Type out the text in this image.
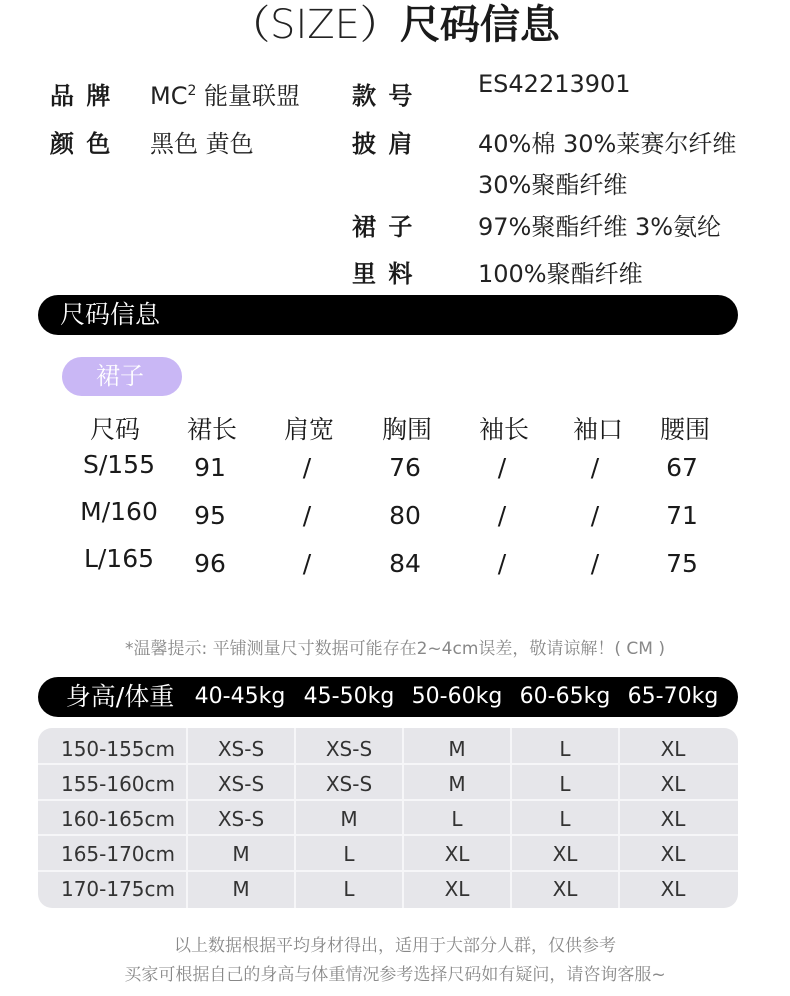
（SIZE）尺码信息
品 牌 $MC^2$ 能量联盟 款 号	ES42213901
颜 色 黑色 黄色	披 肩	40%棉 30%莱赛尔纤维
30%聚酯纤维
裙 子	97%聚酯纤维 3%氨纶
里 料	100%聚酯纤维
尺码信息
裙子
尺码	裙长	肩宽	胸围	袖长	袖口	腰围
S/155	91	/	76	/	/	67
M/160	95	/	80	/	/	71
L/165	96	/	84	/	/	75
*温馨提示: 平铺测量尺寸数据可能存在2~4cm误差，敬请谅解！( CM )
身高/体重 40-45kg 45-50kg 50-60kg 60-65kg 65-70kg
150-155cm	XS-S	XS-S	M	L	XL
155-160cm	XS-S	XS-S	M	L	XL
160-165cm	XS-S	M	L	L	XL
165-170cm	M	L	XL	XL	XL
170-175cm	M	L	XL	XL	XL
以上数据根据平均身材得出，适用于大部分人群，仅供参考
买家可根据自己的身高与体重情况参考选择尺码如有疑问，请咨询客服~
